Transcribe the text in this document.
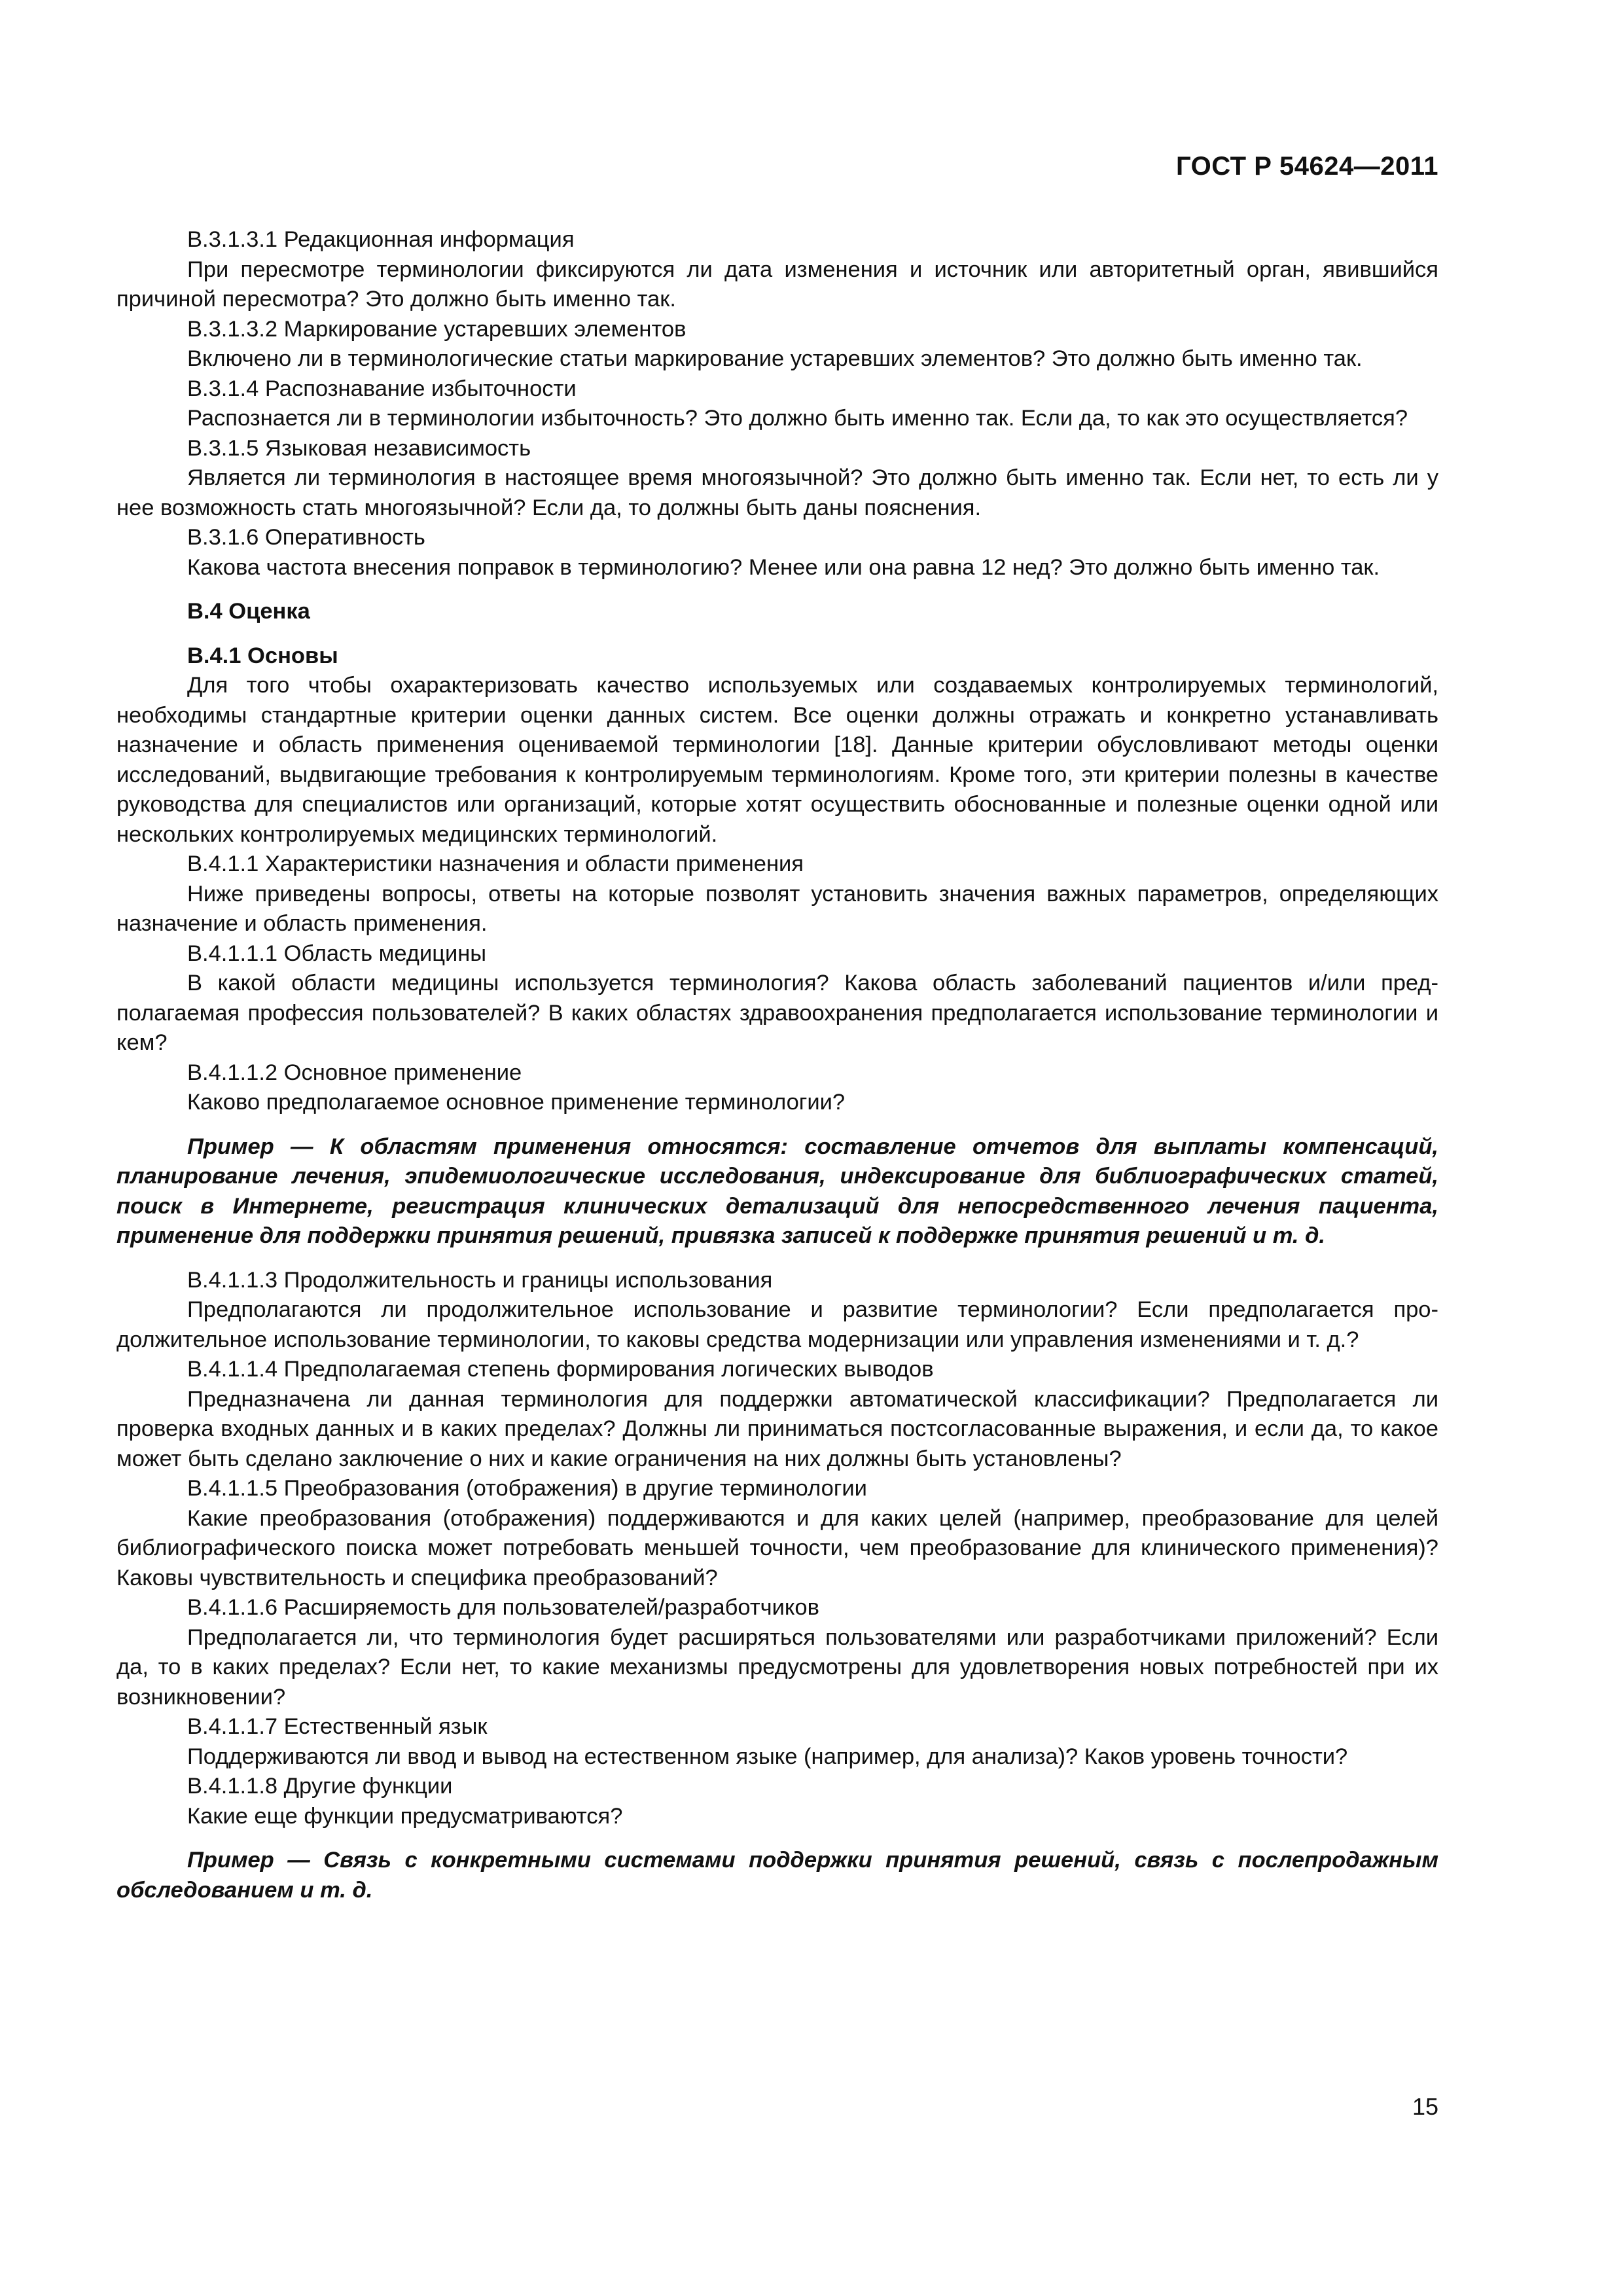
ГОСТ Р 54624—2011

В.3.1.3.1 Редакционная информация

При пересмотре терминологии фиксируются ли дата изменения и источник или авторитетный орган, явившийся причиной пересмотра? Это должно быть именно так.

В.3.1.3.2 Маркирование устаревших элементов

Включено ли в терминологические статьи маркирование устаревших элементов? Это должно быть именно так.

В.3.1.4 Распознавание избыточности

Распознается ли в терминологии избыточность? Это должно быть именно так. Если да, то как это осуществляется?

В.3.1.5 Языковая независимость

Является ли терминология в настоящее время многоязычной? Это должно быть именно так. Если нет, то есть ли у нее возможность стать многоязычной? Если да, то должны быть даны пояснения.

В.3.1.6 Оперативность

Какова частота внесения поправок в терминологию? Менее или она равна 12 нед? Это должно быть именно так.

В.4 Оценка

В.4.1 Основы

Для того чтобы охарактеризовать качество используемых или создаваемых контролируемых терминологий, необходимы стандартные критерии оценки данных систем. Все оценки должны отражать и конкретно устанавливать назначение и область применения оцениваемой терминологии [18]. Данные критерии обусловливают методы оценки исследований, выдвигающие требования к контролируемым терминологиям. Кроме того, эти критерии полезны в качестве руководства для специалистов или организаций, которые хотят осуществить обоснованные и полезные оценки одной или нескольких контролируемых медицинских терминологий.

В.4.1.1 Характеристики назначения и области применения

Ниже приведены вопросы, ответы на которые позволят установить значения важных параметров, определяющих назначение и область применения.

В.4.1.1.1 Область медицины

В какой области медицины используется терминология? Какова область заболеваний пациентов и/или предполагаемая профессия пользователей? В каких областях здравоохранения предполагается использование терминологии и кем?

В.4.1.1.2 Основное применение

Каково предполагаемое основное применение терминологии?

Пример — К областям применения относятся: составление отчетов для выплаты компенсаций, планирование лечения, эпидемиологические исследования, индексирование для библиографических статей, поиск в Интернете, регистрация клинических детализаций для непосредственного лечения пациента, применение для поддержки принятия решений, привязка записей к поддержке принятия решений и т. д.

В.4.1.1.3 Продолжительность и границы использования

Предполагаются ли продолжительное использование и развитие терминологии? Если предполагается продолжительное использование терминологии, то каковы средства модернизации или управления изменениями и т. д.?

В.4.1.1.4 Предполагаемая степень формирования логических выводов

Предназначена ли данная терминология для поддержки автоматической классификации? Предполагается ли проверка входных данных и в каких пределах? Должны ли приниматься постсогласованные выражения, и если да, то какое может быть сделано заключение о них и какие ограничения на них должны быть установлены?

В.4.1.1.5 Преобразования (отображения) в другие терминологии

Какие преобразования (отображения) поддерживаются и для каких целей (например, преобразование для целей библиографического поиска может потребовать меньшей точности, чем преобразование для клинического применения)? Каковы чувствительность и специфика преобразований?

В.4.1.1.6 Расширяемость для пользователей/разработчиков

Предполагается ли, что терминология будет расширяться пользователями или разработчиками приложений? Если да, то в каких пределах? Если нет, то какие механизмы предусмотрены для удовлетворения новых потребностей при их возникновении?

В.4.1.1.7 Естественный язык

Поддерживаются ли ввод и вывод на естественном языке (например, для анализа)? Каков уровень точности?

В.4.1.1.8 Другие функции

Какие еще функции предусматриваются?

Пример — Связь с конкретными системами поддержки принятия решений, связь с послепродажным обследованием и т. д.

15
